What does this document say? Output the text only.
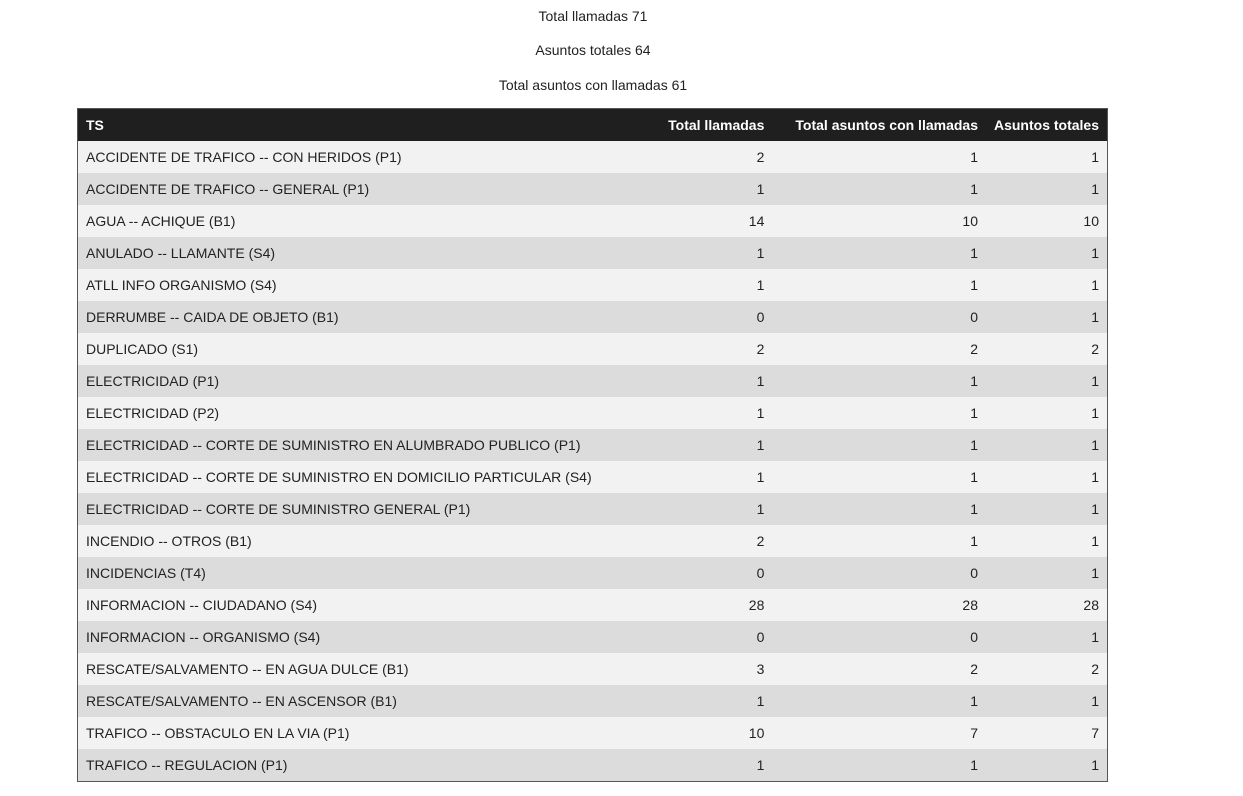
Total llamadas 71
Asuntos totales 64
Total asuntos con llamadas 61
TS	Total llamadas	Total asuntos con llamadas	Asuntos totales
ACCIDENTE DE TRAFICO -- CON HERIDOS (P1)	2	1	1
ACCIDENTE DE TRAFICO -- GENERAL (P1)	1	1	1
AGUA -- ACHIQUE (B1)	14	10	10
ANULADO -- LLAMANTE (S4)	1	1	1
ATLL INFO ORGANISMO (S4)	1	1	1
DERRUMBE -- CAIDA DE OBJETO (B1)	0	0	1
DUPLICADO (S1)	2	2	2
ELECTRICIDAD (P1)	1	1	1
ELECTRICIDAD (P2)	1	1	1
ELECTRICIDAD -- CORTE DE SUMINISTRO EN ALUMBRADO PUBLICO (P1)	1	1	1
ELECTRICIDAD -- CORTE DE SUMINISTRO EN DOMICILIO PARTICULAR (S4)	1	1	1
ELECTRICIDAD -- CORTE DE SUMINISTRO GENERAL (P1)	1	1	1
INCENDIO -- OTROS (B1)	2	1	1
INCIDENCIAS (T4)	0	0	1
INFORMACION -- CIUDADANO (S4)	28	28	28
INFORMACION -- ORGANISMO (S4)	0	0	1
RESCATE/SALVAMENTO -- EN AGUA DULCE (B1)	3	2	2
RESCATE/SALVAMENTO -- EN ASCENSOR (B1)	1	1	1
TRAFICO -- OBSTACULO EN LA VIA (P1)	10	7	7
TRAFICO -- REGULACION (P1)	1	1	1
